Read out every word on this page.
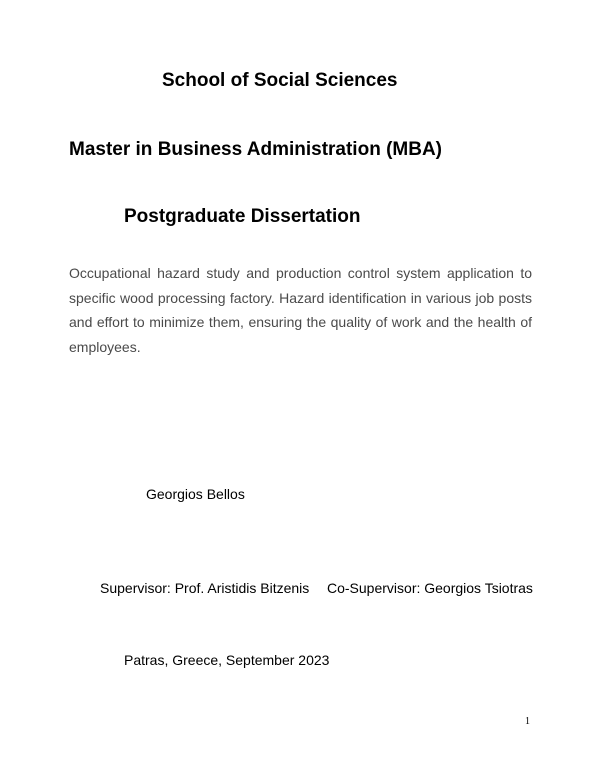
School of Social Sciences
Master in Business Administration (MBA)
Postgraduate Dissertation

Occupational hazard study and production control system application to specific wood processing factory. Hazard identification in various job posts and effort to minimize them, ensuring the quality of work and the health of employees.

Georgios Bellos
Supervisor: Prof. Aristidis Bitzenis Co-Supervisor: Georgios Tsiotras
Patras, Greece, September 2023
1
